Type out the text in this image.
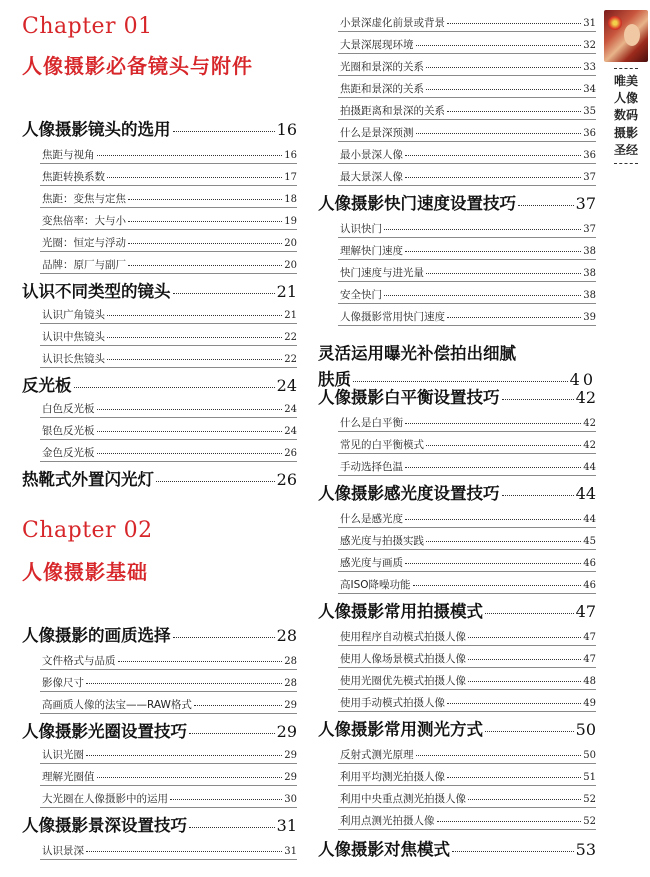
人像摄影镜头的选用	16
焦距与视角	16
焦距转换系数	17
焦距：变焦与定焦	18
变焦倍率：大与小	19
光圈：恒定与浮动	20
品牌：原厂与副厂	20
认识不同类型的镜头	21
认识广角镜头	21
认识中焦镜头	22
认识长焦镜头	22
反光板	24
白色反光板	24
银色反光板	24
金色反光板	26
热靴式外置闪光灯	26
人像摄影的画质选择	28
文件格式与品质	28
影像尺寸	28
高画质人像的法宝——RAW格式	29
人像摄影光圈设置技巧	29
认识光圈	29
理解光圈值	29
大光圈在人像摄影中的运用	30
人像摄影景深设置技巧	31
认识景深	31
小景深虚化前景或背景	31
大景深展现环境	32
光圈和景深的关系	33
焦距和景深的关系	34
拍摄距离和景深的关系	35
什么是景深预测	36
最小景深人像	36
最大景深人像	37
人像摄影快门速度设置技巧	37
认识快门	37
理解快门速度	38
快门速度与进光量	38
安全快门	38
人像摄影常用快门速度	39
人像摄影白平衡设置技巧	42
什么是白平衡	42
常见的白平衡模式	42
手动选择色温	44
人像摄影感光度设置技巧	44
什么是感光度	44
感光度与拍摄实践	45
感光度与画质	46
高ISO降噪功能	46
人像摄影常用拍摄模式	47
使用程序自动模式拍摄人像	47
使用人像场景模式拍摄人像	47
使用光圈优先模式拍摄人像	48
使用手动模式拍摄人像	49
人像摄影常用测光方式	50
反射式测光原理	50
利用平均测光拍摄人像	51
利用中央重点测光拍摄人像	52
利用点测光拍摄人像	52
人像摄影对焦模式	53
Chapter 01
人像摄影必备镜头与附件
Chapter 02
人像摄影基础
灵活运用曝光补偿拍出细腻
肤质	40
唯美人像数码摄影圣经
